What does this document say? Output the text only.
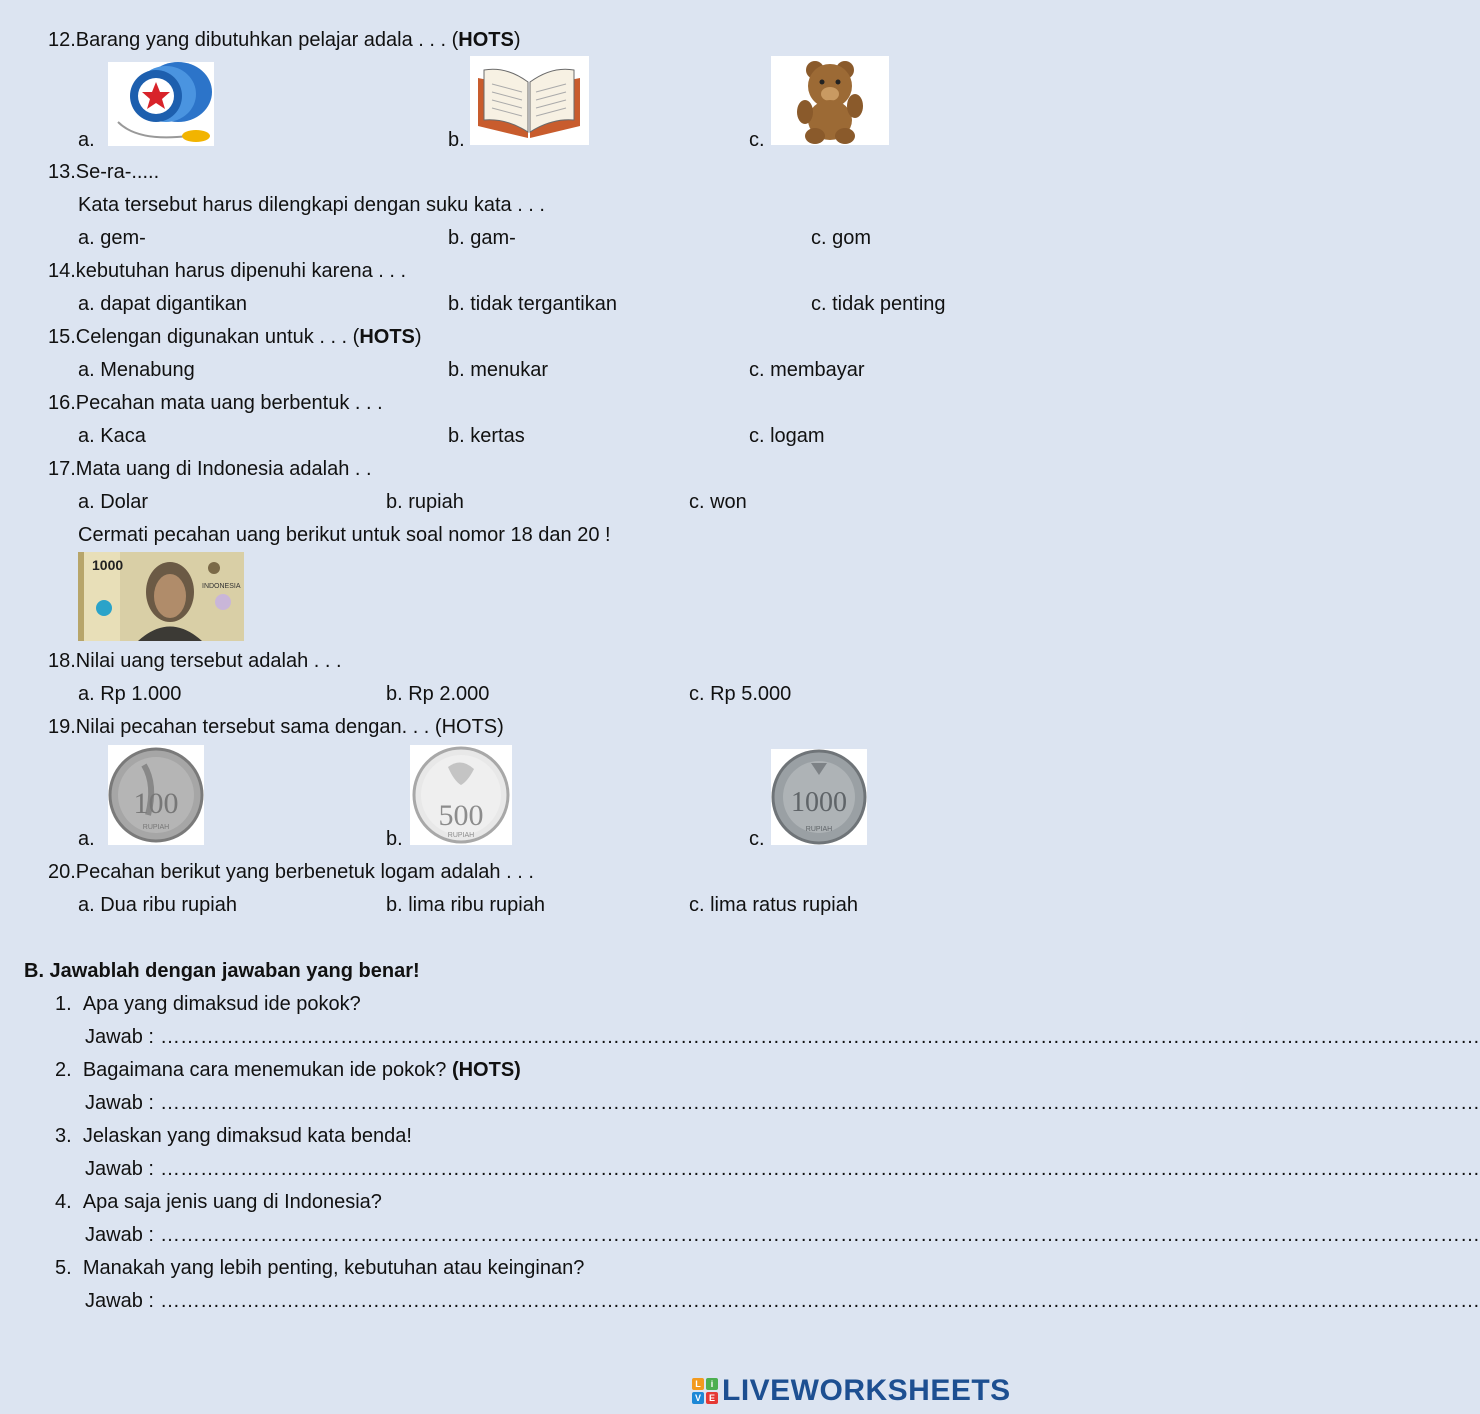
12.Barang yang dibutuhkan pelajar adala . . . (HOTS)
a.	b.	c.
13.Se-ra-.....
Kata tersebut harus dilengkapi dengan suku kata . . .
a. gem-	b. gam-	c. gom
14.kebutuhan harus dipenuhi karena . . .
a. dapat digantikan	b. tidak tergantikan	c. tidak penting
15.Celengan digunakan untuk . . . (HOTS)
a. Menabung	b. menukar	c. membayar
16.Pecahan mata uang berbentuk . . .
a. Kaca	b. kertas	c. logam
17.Mata uang di Indonesia adalah . .
a. Dolar	b. rupiah	c. won
Cermati pecahan uang berikut untuk soal nomor 18 dan 20 !
1000
INDONESIA
18.Nilai uang tersebut adalah . . .
a. Rp 1.000	b. Rp 2.000	c. Rp 5.000
19.Nilai pecahan tersebut sama dengan. . . (HOTS)
a.
100
RUPIAH
b.
500
RUPIAH	c.
1000
RUPIAH
20.Pecahan berikut yang berbenetuk logam adalah . . .
a. Dua ribu rupiah	b. lima ribu rupiah	c. lima ratus rupiah
B. Jawablah dengan jawaban yang benar!
1. Apa yang dimaksud ide pokok?
Jawab : ………………………………………………………………………………………………………………………………………………………………………………
2. Bagaimana cara menemukan ide pokok? (HOTS)
Jawab : ………………………………………………………………………………………………………………………………………………………………………………
3. Jelaskan yang dimaksud kata benda!
Jawab : ………………………………………………………………………………………………………………………………………………………………………………
4. Apa saja jenis uang di Indonesia?
Jawab : ………………………………………………………………………………………………………………………………………………………………………………
5. Manakah yang lebih penting, kebutuhan atau keinginan?
Jawab : ………………………………………………………………………………………………………………………………………………………………………………
L	i
V E LIVEWORKSHEETS
